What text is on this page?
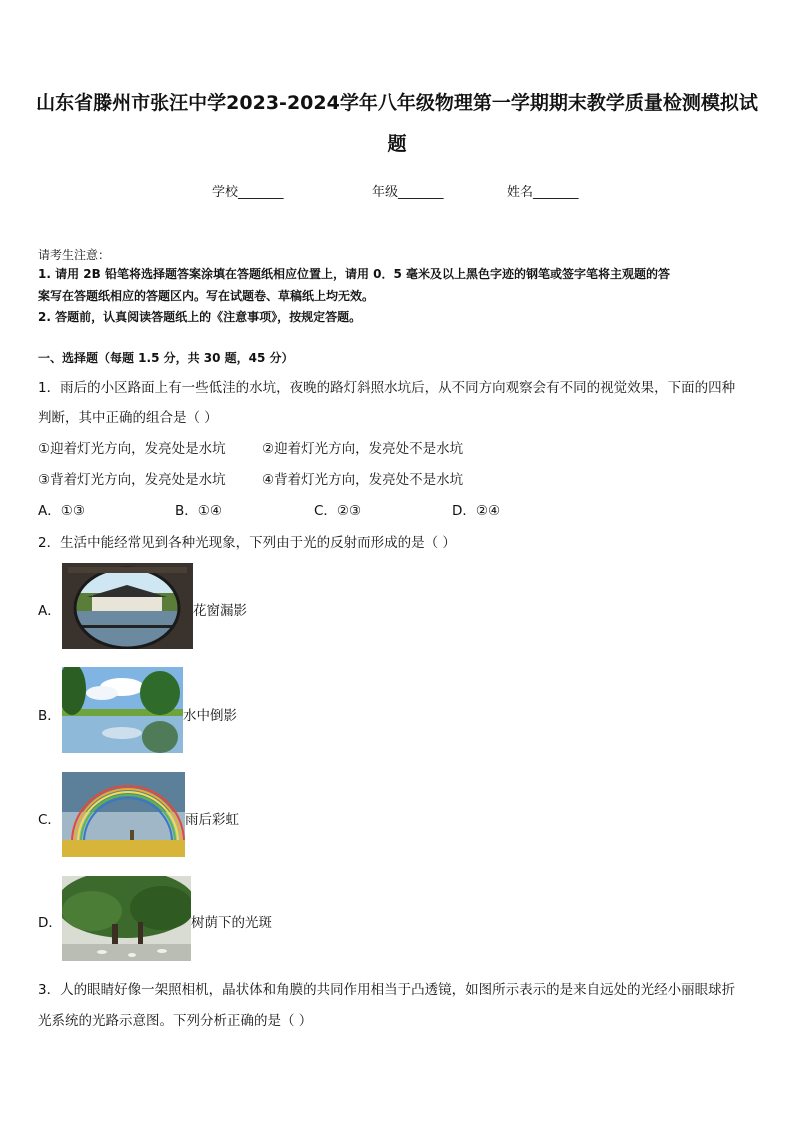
山东省滕州市张汪中学2023-2024学年八年级物理第一学期期末教学质量检测模拟试
题
学校_______	年级_______	姓名_______
请考生注意：
1. 请用 2B 铅笔将选择题答案涂填在答题纸相应位置上，请用 0．5 毫米及以上黑色字迹的钢笔或签字笔将主观题的答
案写在答题纸相应的答题区内。写在试题卷、草稿纸上均无效。
2. 答题前，认真阅读答题纸上的《注意事项》，按规定答题。
一、选择题（每题 1.5 分，共 30 题，45 分）
1．雨后的小区路面上有一些低洼的水坑，夜晚的路灯斜照水坑后，从不同方向观察会有不同的视觉效果，下面的四种
判断，其中正确的组合是（ ）
①迎着灯光方向，发亮处是水坑	②迎着灯光方向，发亮处不是水坑
③背着灯光方向，发亮处是水坑	④背着灯光方向，发亮处不是水坑
A．①③	B．①④	C．②③	D．②④
2．生活中能经常见到各种光现象，下列由于光的反射而形成的是（ ）
A．	花窗漏影
B．	水中倒影
C．	雨后彩虹
D．	树荫下的光斑
3．人的眼睛好像一架照相机，晶状体和角膜的共同作用相当于凸透镜，如图所示表示的是来自远处的光经小丽眼球折
光系统的光路示意图。下列分析正确的是（ ）
